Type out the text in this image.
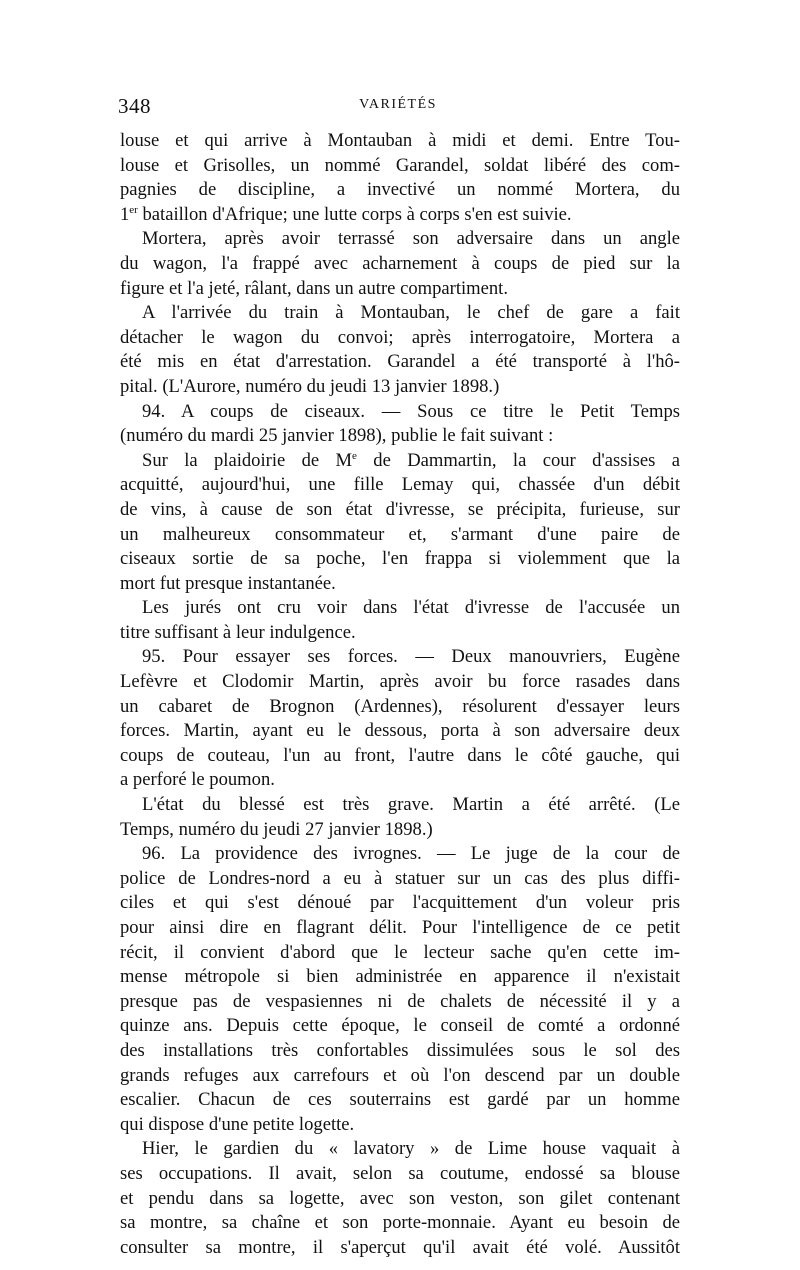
348	VARIÉTÉS
louse et qui arrive à Montauban à midi et demi. Entre Tou-
louse et Grisolles, un nommé Garandel, soldat libéré des com-
pagnies de discipline, a invectivé un nommé Mortera, du
1er bataillon d'Afrique; une lutte corps à corps s'en est suivie.
Mortera, après avoir terrassé son adversaire dans un angle
du wagon, l'a frappé avec acharnement à coups de pied sur la
figure et l'a jeté, râlant, dans un autre compartiment.
A l'arrivée du train à Montauban, le chef de gare a fait
détacher le wagon du convoi; après interrogatoire, Mortera a
été mis en état d'arrestation. Garandel a été transporté à l'hô-
pital. (L'Aurore, numéro du jeudi 13 janvier 1898.)
94. A coups de ciseaux. — Sous ce titre le Petit Temps
(numéro du mardi 25 janvier 1898), publie le fait suivant :
Sur la plaidoirie de Me de Dammartin, la cour d'assises a
acquitté, aujourd'hui, une fille Lemay qui, chassée d'un débit
de vins, à cause de son état d'ivresse, se précipita, furieuse, sur
un malheureux consommateur et, s'armant d'une paire de
ciseaux sortie de sa poche, l'en frappa si violemment que la
mort fut presque instantanée.
Les jurés ont cru voir dans l'état d'ivresse de l'accusée un
titre suffisant à leur indulgence.
95. Pour essayer ses forces. — Deux manouvriers, Eugène
Lefèvre et Clodomir Martin, après avoir bu force rasades dans
un cabaret de Brognon (Ardennes), résolurent d'essayer leurs
forces. Martin, ayant eu le dessous, porta à son adversaire deux
coups de couteau, l'un au front, l'autre dans le côté gauche, qui
a perforé le poumon.
L'état du blessé est très grave. Martin a été arrêté. (Le
Temps, numéro du jeudi 27 janvier 1898.)
96. La providence des ivrognes. — Le juge de la cour de
police de Londres-nord a eu à statuer sur un cas des plus diffi-
ciles et qui s'est dénoué par l'acquittement d'un voleur pris
pour ainsi dire en flagrant délit. Pour l'intelligence de ce petit
récit, il convient d'abord que le lecteur sache qu'en cette im-
mense métropole si bien administrée en apparence il n'existait
presque pas de vespasiennes ni de chalets de nécessité il y a
quinze ans. Depuis cette époque, le conseil de comté a ordonné
des installations très confortables dissimulées sous le sol des
grands refuges aux carrefours et où l'on descend par un double
escalier. Chacun de ces souterrains est gardé par un homme
qui dispose d'une petite logette.
Hier, le gardien du « lavatory » de Lime house vaquait à
ses occupations. Il avait, selon sa coutume, endossé sa blouse
et pendu dans sa logette, avec son veston, son gilet contenant
sa montre, sa chaîne et son porte-monnaie. Ayant eu besoin de
consulter sa montre, il s'aperçut qu'il avait été volé. Aussitôt
